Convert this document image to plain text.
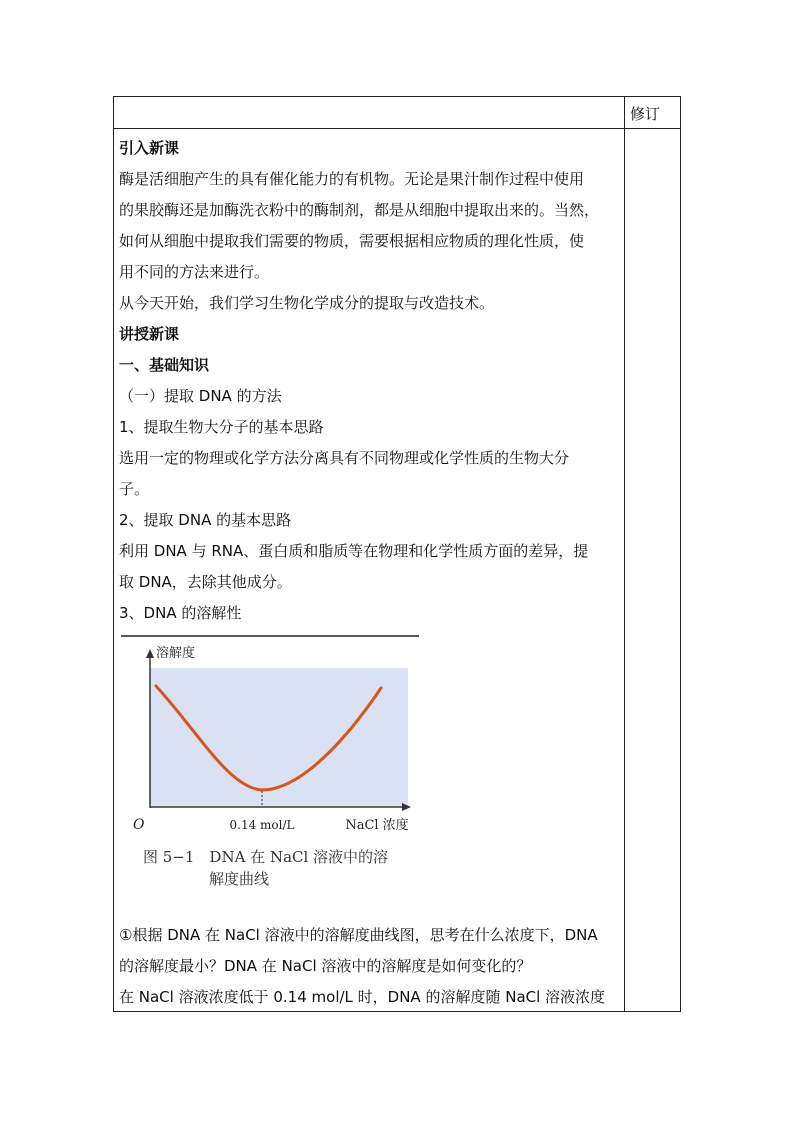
修订
引入新课
酶是活细胞产生的具有催化能力的有机物。无论是果汁制作过程中使用
的果胶酶还是加酶洗衣粉中的酶制剂，都是从细胞中提取出来的。当然，
如何从细胞中提取我们需要的物质，需要根据相应物质的理化性质，使
用不同的方法来进行。
从今天开始，我们学习生物化学成分的提取与改造技术。
讲授新课
一、基础知识
（一）提取 DNA 的方法
1、提取生物大分子的基本思路
选用一定的物理或化学方法分离具有不同物理或化学性质的生物大分
子。
2、提取 DNA 的基本思路
利用 DNA 与 RNA、蛋白质和脂质等在物理和化学性质方面的差异，提
取 DNA，去除其他成分。
3、DNA 的溶解性
溶解度
O	0.14 mol/L	NaCl 浓度
图 5−1　DNA 在 NaCl 溶液中的溶
解度曲线
①根据 DNA 在 NaCl 溶液中的溶解度曲线图，思考在什么浓度下，DNA
的溶解度最小？DNA 在 NaCl 溶液中的溶解度是如何变化的？
在 NaCl 溶液浓度低于 0.14 mol/L 时，DNA 的溶解度随 NaCl 溶液浓度
